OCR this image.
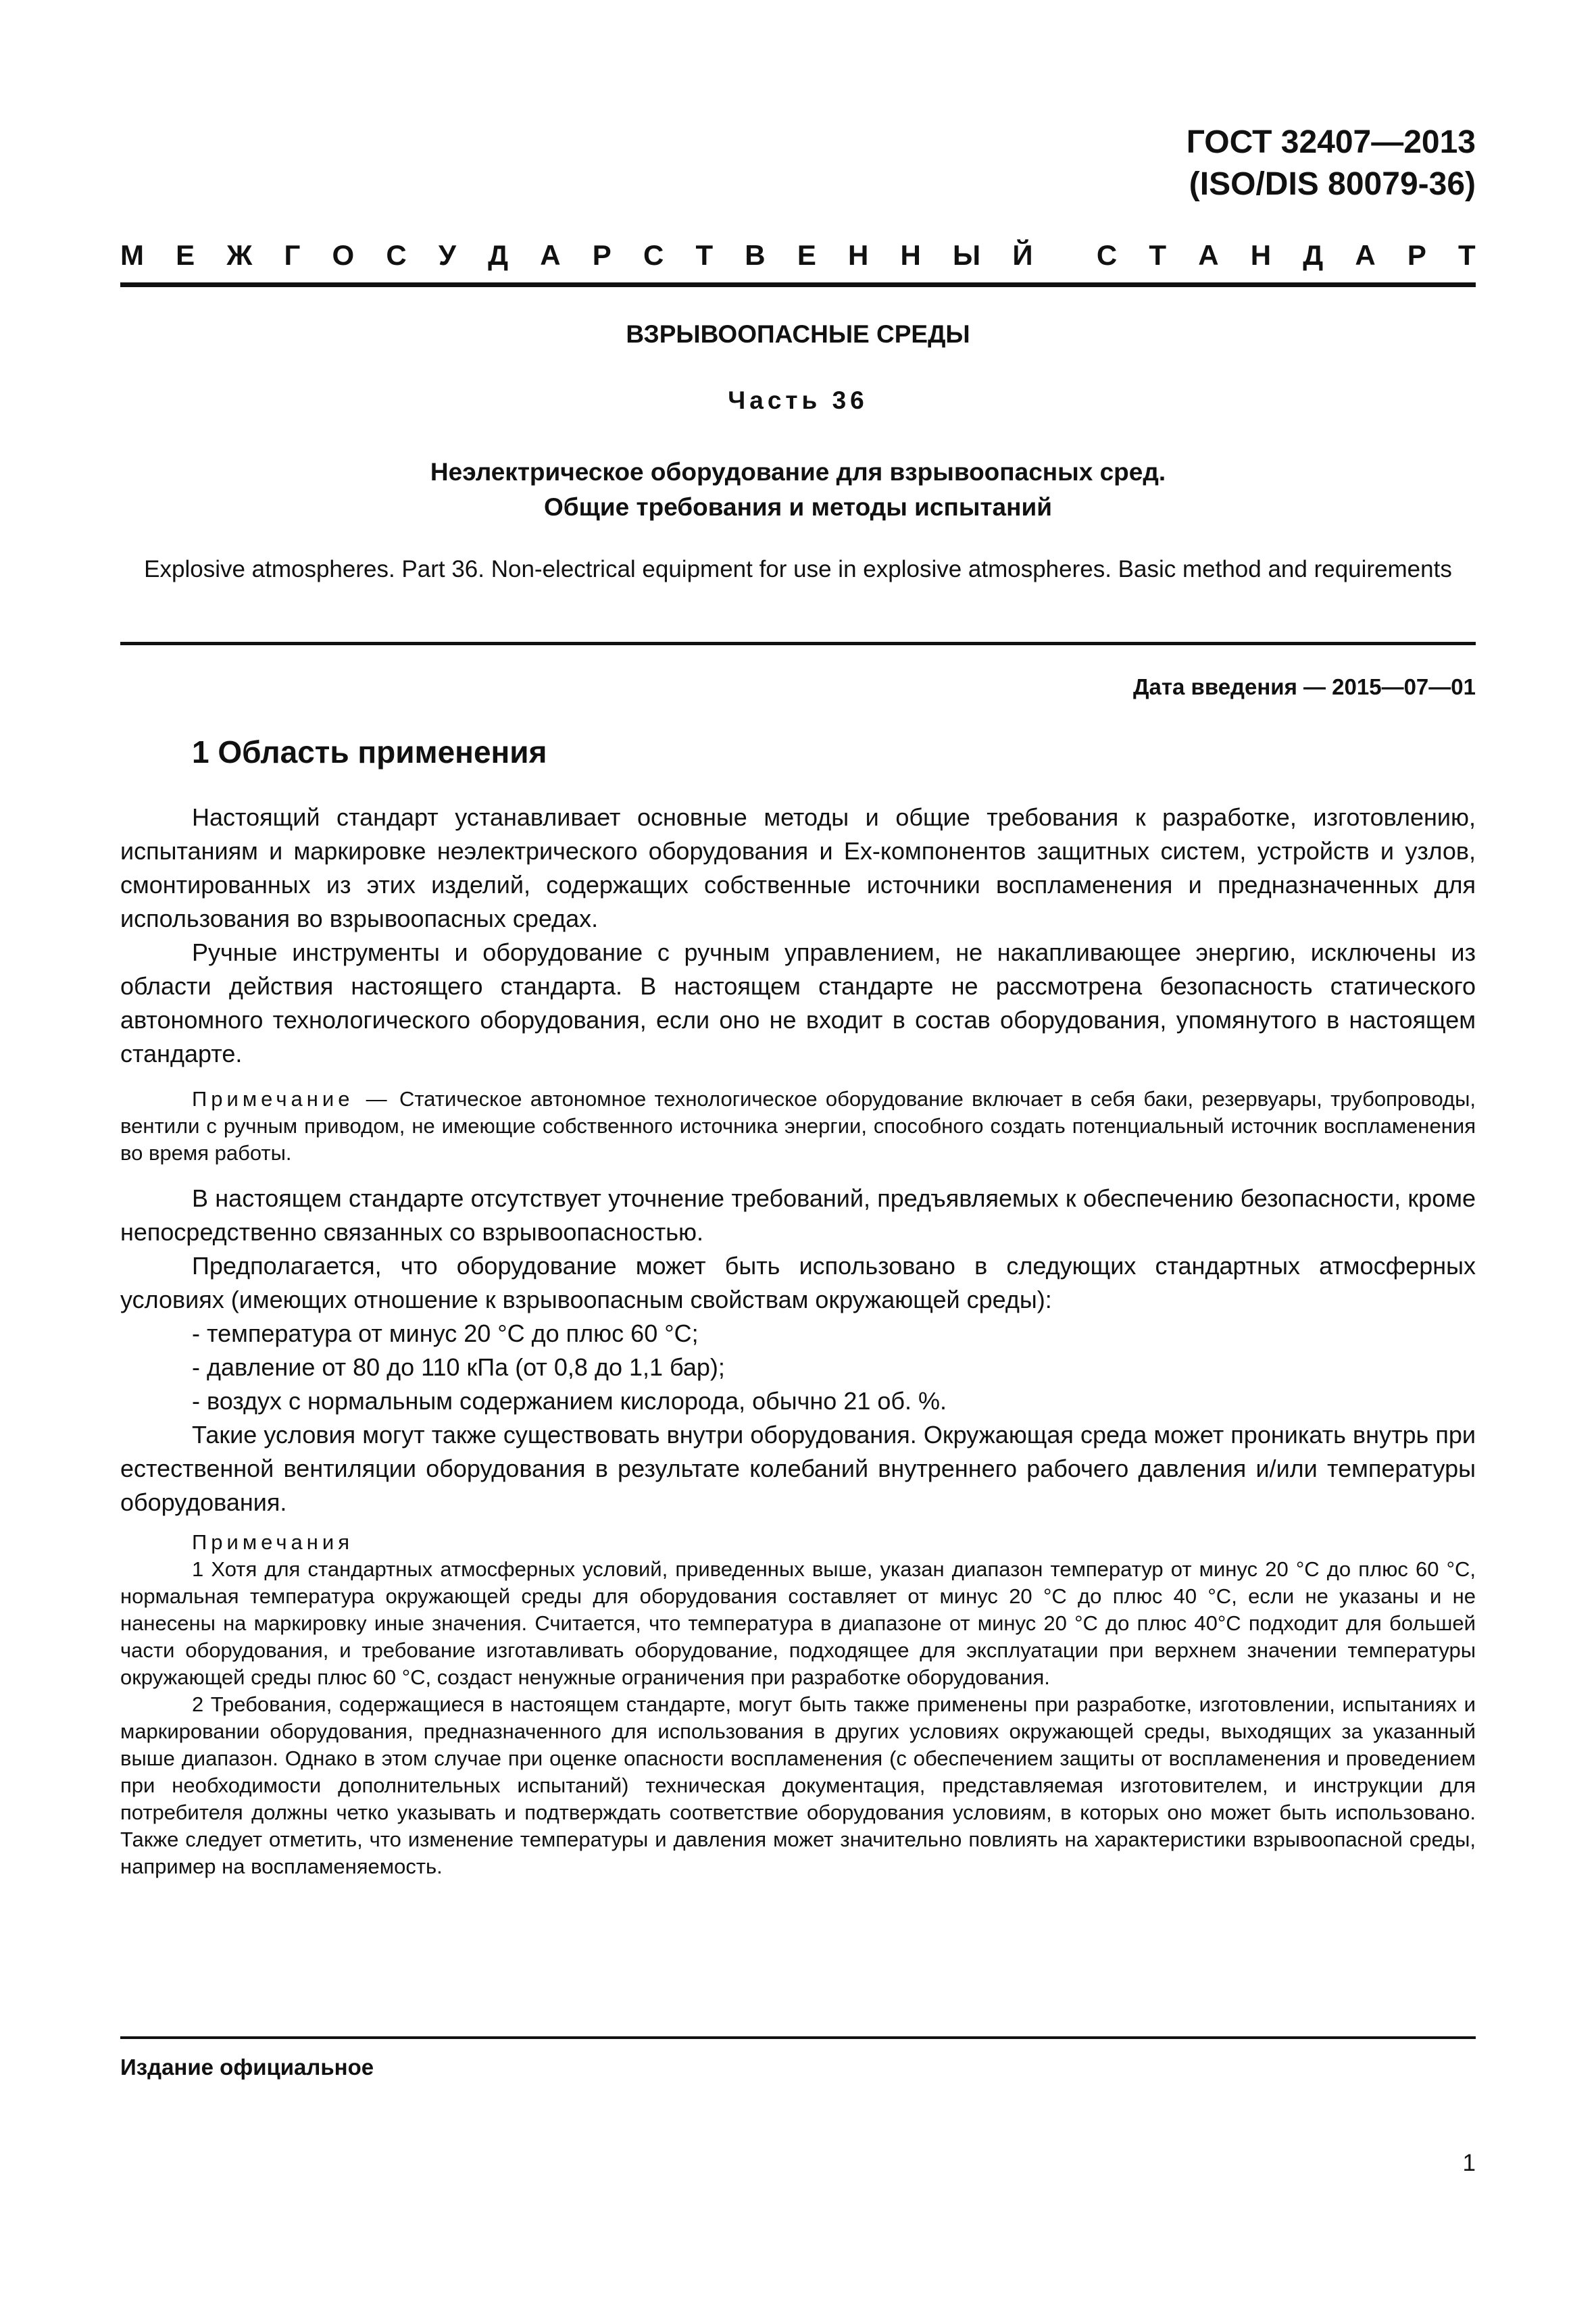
ГОСТ 32407—2013
(ISO/DIS 80079-36)
М Е Ж Г О С У Д А Р С Т В Е Н Н Ы Й С Т А Н Д А Р Т
ВЗРЫВООПАСНЫЕ СРЕДЫ
Часть 36
Неэлектрическое оборудование для взрывоопасных сред.
Общие требования и методы испытаний
Explosive atmospheres. Part 36. Non-electrical equipment for use in explosive atmospheres. Basic method and requirements
Дата введения — 2015—07—01
1 Область применения

Настоящий стандарт устанавливает основные методы и общие требования к разработке, изготовлению, испытаниям и маркировке неэлектрического оборудования и Ex-компонентов защитных систем, устройств и узлов, смонтированных из этих изделий, содержащих собственные источники воспламенения и предназначенных для использования во взрывоопасных средах.

Ручные инструменты и оборудование с ручным управлением, не накапливающее энергию, исключены из области действия настоящего стандарта. В настоящем стандарте не рассмотрена безопасность статического автономного технологического оборудования, если оно не входит в состав оборудования, упомянутого в настоящем стандарте.

Примечание — Статическое автономное технологическое оборудование включает в себя баки, резервуары, трубопроводы, вентили с ручным приводом, не имеющие собственного источника энергии, способного создать потенциальный источник воспламенения во время работы.

В настоящем стандарте отсутствует уточнение требований, предъявляемых к обеспечению безопасности, кроме непосредственно связанных со взрывоопасностью.

Предполагается, что оборудование может быть использовано в следующих стандартных атмосферных условиях (имеющих отношение к взрывоопасным свойствам окружающей среды):

- температура от минус 20 °С до плюс 60 °С;

- давление от 80 до 110 кПа (от 0,8 до 1,1 бар);

- воздух с нормальным содержанием кислорода, обычно 21 об. %.

Такие условия могут также существовать внутри оборудования. Окружающая среда может проникать внутрь при естественной вентиляции оборудования в результате колебаний внутреннего рабочего давления и/или температуры оборудования.

Примечания

1 Хотя для стандартных атмосферных условий, приведенных выше, указан диапазон температур от минус 20 °С до плюс 60 °С, нормальная температура окружающей среды для оборудования составляет от минус 20 °С до плюс 40 °С, если не указаны и не нанесены на маркировку иные значения. Считается, что температура в диапазоне от минус 20 °С до плюс 40°С подходит для большей части оборудования, и требование изготавливать оборудование, подходящее для эксплуатации при верхнем значении температуры окружающей среды плюс 60 °С, создаст ненужные ограничения при разработке оборудования.

2 Требования, содержащиеся в настоящем стандарте, могут быть также применены при разработке, изготовлении, испытаниях и маркировании оборудования, предназначенного для использования в других условиях окружающей среды, выходящих за указанный выше диапазон. Однако в этом случае при оценке опасности воспламенения (с обеспечением защиты от воспламенения и проведением при необходимости дополнительных испытаний) техническая документация, представляемая изготовителем, и инструкции для потребителя должны четко указывать и подтверждать соответствие оборудования условиям, в которых оно может быть использовано. Также следует отметить, что изменение температуры и давления может значительно повлиять на характеристики взрывоопасной среды, например на воспламеняемость.

Издание официальное
1
